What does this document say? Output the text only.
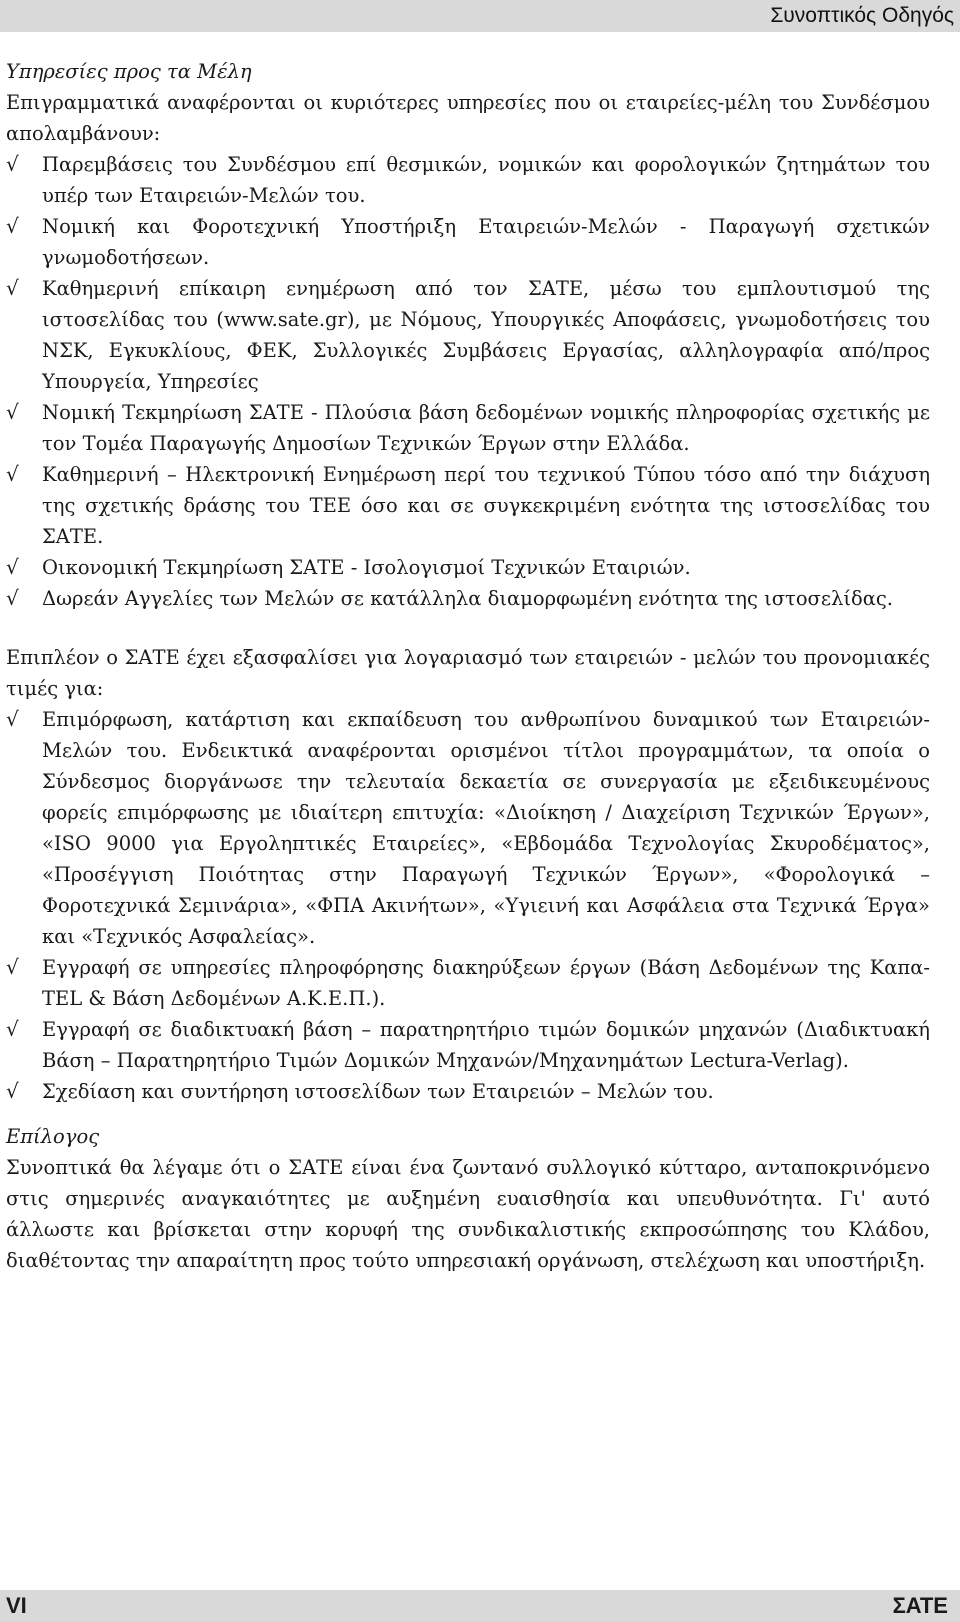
Συνοπτικός Οδηγός

Υπηρεσίες προς τα Μέλη

Επιγραμματικά αναφέρονται οι κυριότερες υπηρεσίες που οι εταιρείες-μέλη του Συνδέσμου απολαμβάνουν:

√	Παρεμβάσεις του Συνδέσμου επί θεσμικών, νομικών και φορολογικών ζητημάτων του υπέρ των Εταιρειών-Μελών του.
√	Νομική και Φοροτεχνική Υποστήριξη Εταιρειών-Μελών - Παραγωγή σχετικών γνωμοδοτήσεων.
√	Καθημερινή επίκαιρη ενημέρωση από τον ΣΑΤΕ, μέσω του εμπλουτισμού της ιστοσελίδας του (www.sate.gr), με Νόμους, Υπουργικές Αποφάσεις, γνωμοδοτήσεις του ΝΣΚ, Εγκυκλίους, ΦΕΚ, Συλλογικές Συμβάσεις Εργασίας, αλληλογραφία από/προς Υπουργεία, Υπηρεσίες
√	Νομική Τεκμηρίωση ΣΑΤΕ - Πλούσια βάση δεδομένων νομικής πληροφορίας σχετικής με τον Τομέα Παραγωγής Δημοσίων Τεχνικών Έργων στην Ελλάδα.
√	Καθημερινή – Ηλεκτρονική Ενημέρωση περί του τεχνικού Τύπου τόσο από την διάχυση της σχετικής δράσης του ΤΕΕ όσο και σε συγκεκριμένη ενότητα της ιστοσελίδας του ΣΑΤΕ.
√	Οικονομική Τεκμηρίωση ΣΑΤΕ - Ισολογισμοί Τεχνικών Εταιριών.
√	Δωρεάν Αγγελίες των Μελών σε κατάλληλα διαμορφωμένη ενότητα της ιστοσελίδας.

Επιπλέον ο ΣΑΤΕ έχει εξασφαλίσει για λογαριασμό των εταιρειών - μελών του προνομιακές τιμές για:

√	Επιμόρφωση, κατάρτιση και εκπαίδευση του ανθρωπίνου δυναμικού των Εταιρειών-Μελών του. Ενδεικτικά αναφέρονται ορισμένοι τίτλοι προγραμμάτων, τα οποία ο Σύνδεσμος διοργάνωσε την τελευταία δεκαετία σε συνεργασία με εξειδικευμένους φορείς επιμόρφωσης με ιδιαίτερη επιτυχία: «Διοίκηση / Διαχείριση Τεχνικών Έργων», «ISO 9000 για Εργοληπτικές Εταιρείες», «Εβδομάδα Τεχνολογίας Σκυροδέματος», «Προσέγγιση Ποιότητας στην Παραγωγή Τεχνικών Έργων», «Φορολογικά – Φοροτεχνικά Σεμινάρια», «ΦΠΑ Ακινήτων», «Υγιεινή και Ασφάλεια στα Τεχνικά Έργα» και «Τεχνικός Ασφαλείας».
√	Εγγραφή σε υπηρεσίες πληροφόρησης διακηρύξεων έργων (Βάση Δεδομένων της Καπα-TEL & Βάση Δεδομένων Α.Κ.Ε.Π.).
√	Εγγραφή σε διαδικτυακή βάση – παρατηρητήριο τιμών δομικών μηχανών (Διαδικτυακή Βάση – Παρατηρητήριο Τιμών Δομικών Μηχανών/Μηχανημάτων Lectura-Verlag).
√	Σχεδίαση και συντήρηση ιστοσελίδων των Εταιρειών – Μελών του.

Επίλογος

Συνοπτικά θα λέγαμε ότι ο ΣΑΤΕ είναι ένα ζωντανό συλλογικό κύτταρο, ανταποκρινόμενο στις σημερινές αναγκαιότητες με αυξημένη ευαισθησία και υπευθυνότητα. Γι' αυτό άλλωστε και βρίσκεται στην κορυφή της συνδικαλιστικής εκπροσώπησης του Κλάδου, διαθέτοντας την απαραίτητη προς τούτο υπηρεσιακή οργάνωση, στελέχωση και υποστήριξη.

VI	ΣΑΤΕ
